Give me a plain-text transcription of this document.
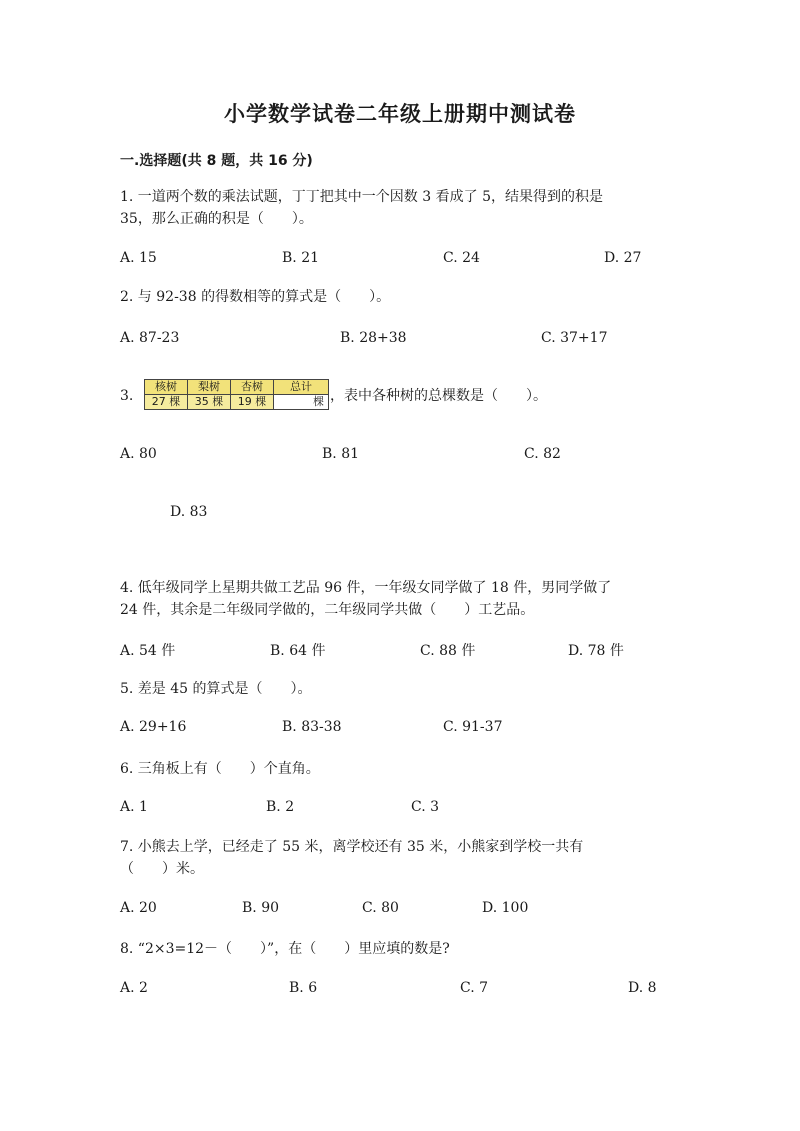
小学数学试卷二年级上册期中测试卷
一.选择题(共 8 题，共 16 分)
1. 一道两个数的乘法试题，丁丁把其中一个因数 3 看成了 5，结果得到的积是
35，那么正确的积是（　　）。
A. 15	B. 21	C. 24	D. 27
2. 与 92-38 的得数相等的算式是（　　）。
A. 87-23	B. 28+38	C. 37+17
3.
核树	梨树	杏树	总计
27 棵	35 棵	19 棵	棵 ，表中各种树的总棵数是（　　）。
A. 80	B. 81	C. 82
D. 83
4. 低年级同学上星期共做工艺品 96 件，一年级女同学做了 18 件，男同学做了
24 件，其余是二年级同学做的，二年级同学共做（　　）工艺品。
A. 54 件	B. 64 件	C. 88 件	D. 78 件
5. 差是 45 的算式是（　　）。
A. 29+16	B. 83-38	C. 91-37
6. 三角板上有（　　）个直角。
A. 1	B. 2	C. 3
7. 小熊去上学，已经走了 55 米，离学校还有 35 米，小熊家到学校一共有
（　　）米。
A. 20	B. 90	C. 80	D. 100
8. “2×3=12－（　　）”，在（　　）里应填的数是?
A. 2	B. 6	C. 7	D. 8
